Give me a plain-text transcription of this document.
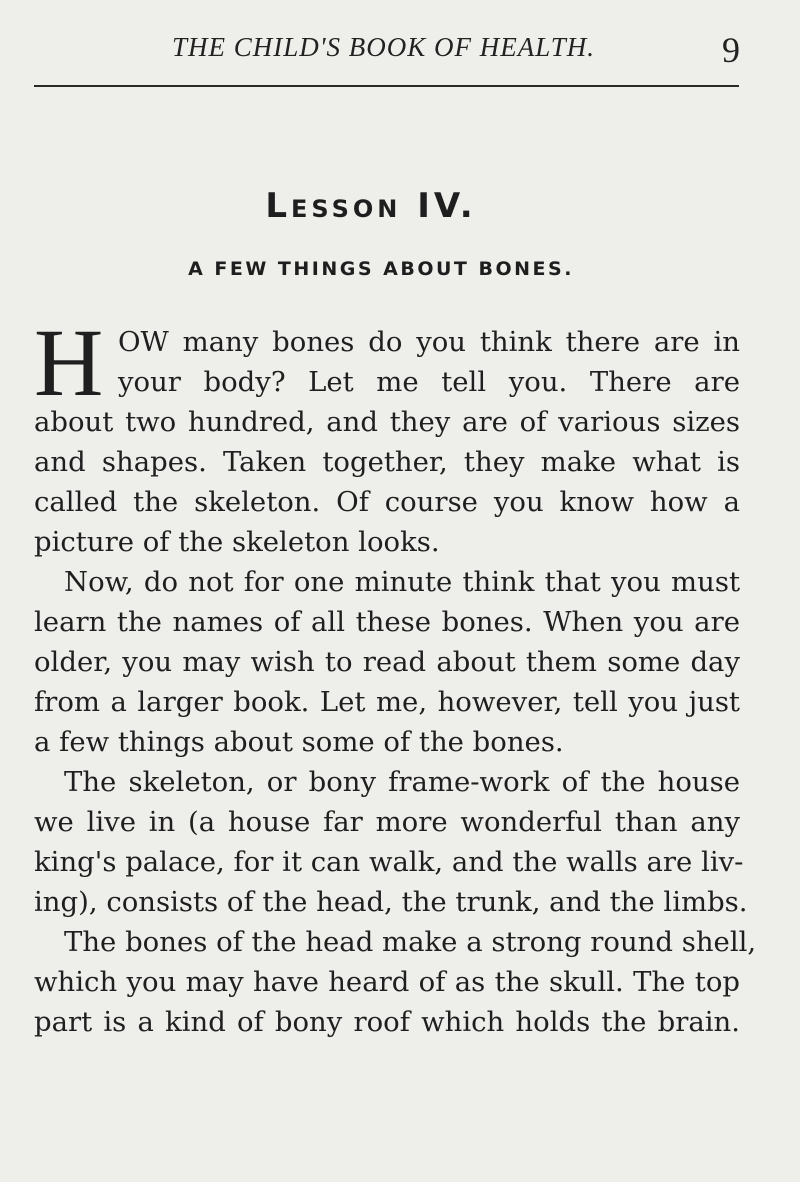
THE CHILD'S BOOK OF HEALTH.	9
Lesson IV.
A FEW THINGS ABOUT BONES.
H OW many bones do you think there are in
your body? Let me tell you. There are
about two hundred, and they are of various sizes
and shapes. Taken together, they make what is
called the skeleton. Of course you know how a
picture of the skeleton looks.
Now, do not for one minute think that you must
learn the names of all these bones. When you are
older, you may wish to read about them some day
from a larger book. Let me, however, tell you just
a few things about some of the bones.
The skeleton, or bony frame-work of the house
we live in (a house far more wonderful than any
king's palace, for it can walk, and the walls are liv-
ing), consists of the head, the trunk, and the limbs.
The bones of the head make a strong round shell,
which you may have heard of as the skull. The top
part is a kind of bony roof which holds the brain.
